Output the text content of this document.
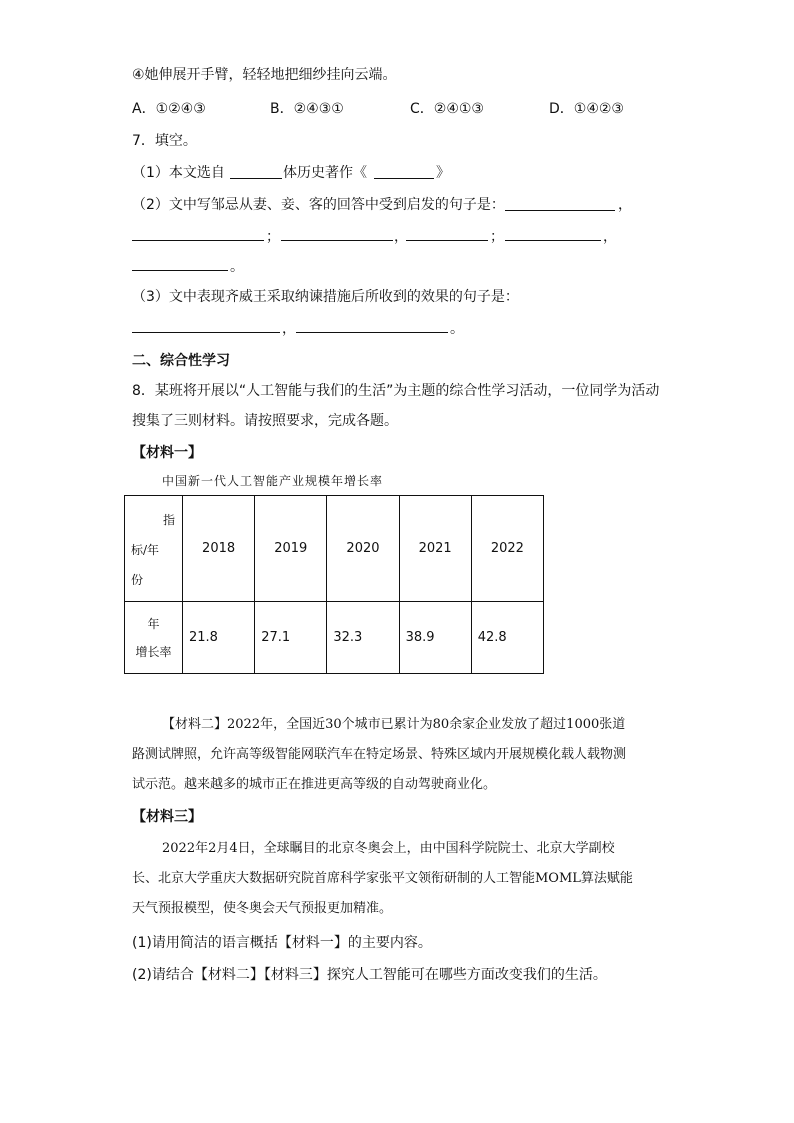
④她伸展开手臂，轻轻地把细纱挂向云端。
A．①②④③	B．②④③①	C．②④①③	D．①④②③
7．填空。
（1）本文选自	体历史著作《	》
（2）文中写邹忌从妻、妾、客的回答中受到启发的句子是：	，
；	，	；	，
。
（3）文中表现齐威王采取纳谏措施后所收到的效果的句子是：
，	。
二、综合性学习
8．某班将开展以“人工智能与我们的生活”为主题的综合性学习活动，一位同学为活动
搜集了三则材料。请按照要求，完成各题。
【材料一】
中国新一代人工智能产业规模年增长率
指
标/年
份	2018	2019	2020	2021	2022

年
增长率	21.8	27.1	32.3	38.9	42.8
【材料二】2022年，全国近30个城市已累计为80余家企业发放了超过1000张道
路测试牌照，允许高等级智能网联汽车在特定场景、特殊区域内开展规模化载人载物测
试示范。越来越多的城市正在推进更高等级的自动驾驶商业化。
【材料三】
2022年2月4日，全球瞩目的北京冬奥会上，由中国科学院院士、北京大学副校
长、北京大学重庆大数据研究院首席科学家张平文领衔研制的人工智能MOML算法赋能
天气预报模型，使冬奥会天气预报更加精准。
(1)请用简洁的语言概括【材料一】的主要内容。
(2)请结合【材料二】【材料三】探究人工智能可在哪些方面改变我们的生活。
